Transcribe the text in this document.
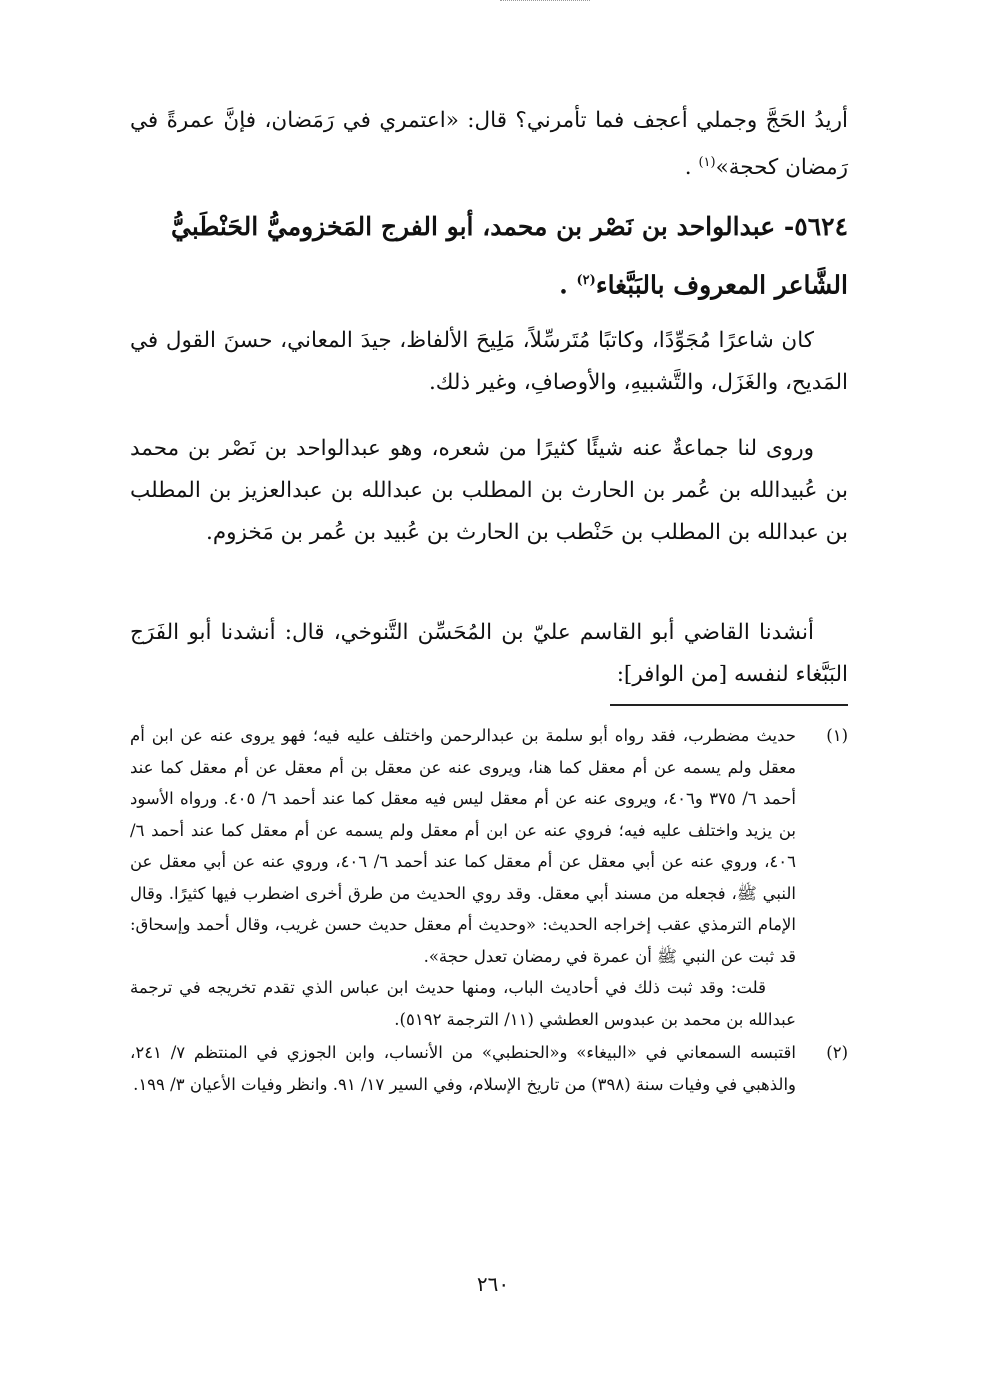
أريدُ الحَجَّ وجملي أعجف فما تأمرني؟ قال: «اعتمري في رَمَضان، فإنَّ عمرةً في رَمضان كحجة»$^{(١)}$ .
٥٦٢٤- عبدالواحد بن نَصْر بن محمد، أبو الفرج المَخزوميُّ الحَنْطَبيُّ الشَّاعر المعروف بالبَبَّغاء$^{(٢)}$ .
كان شاعرًا مُجَوِّدًا، وكاتبًا مُتَرسِّلاً، مَلِيحَ الألفاظ، جيدَ المعاني، حسنَ القول في المَديح، والغَزَل، والتَّشبيهِ، والأوصافِ، وغير ذلك.
وروى لنا جماعةٌ عنه شيئًا كثيرًا من شعره، وهو عبدالواحد بن نَصْر بن محمد بن عُبيدالله بن عُمر بن الحارث بن المطلب بن عبدالله بن عبدالعزيز بن المطلب بن عبدالله بن المطلب بن حَنْطب بن الحارث بن عُبيد بن عُمر بن مَخزوم.
أنشدنا القاضي أبو القاسم عليّ بن المُحَسِّن التَّنوخي، قال: أنشدنا أبو الفَرَج البَبَّغاء لنفسه [من الوافر]:
(١)

حديث مضطرب، فقد رواه أبو سلمة بن عبدالرحمن واختلف عليه فيه؛ فهو يروى عنه عن ابن أم معقل ولم يسمه عن أم معقل كما هنا، ويروى عنه عن معقل بن أم معقل عن أم معقل كما عند أحمد ٦/ ٣٧٥ و٤٠٦، ويروى عنه عن أم معقل ليس فيه معقل كما عند أحمد ٦/ ٤٠٥. ورواه الأسود بن يزيد واختلف عليه فيه؛ فروي عنه عن ابن أم معقل ولم يسمه عن أم معقل كما عند أحمد ٦/ ٤٠٦، وروي عنه عن أبي معقل عن أم معقل كما عند أحمد ٦/ ٤٠٦، وروي عنه عن أبي معقل عن النبي ﷺ، فجعله من مسند أبي معقل. وقد روي الحديث من طرق أخرى اضطرب فيها كثيرًا. وقال الإمام الترمذي عقب إخراجه الحديث: «وحديث أم معقل حديث حسن غريب، وقال أحمد وإسحاق: قد ثبت عن النبي ﷺ أن عمرة في رمضان تعدل حجة».

قلت: وقد ثبت ذلك في أحاديث الباب، ومنها حديث ابن عباس الذي تقدم تخريجه في ترجمة عبدالله بن محمد بن عبدوس العطشي (١١/ الترجمة ٥١٩٢).

(٢)

اقتبسه السمعاني في «البيغاء» و«الحنطبي» من الأنساب، وابن الجوزي في المنتظم ٧/ ٢٤١، والذهبي في وفيات سنة (٣٩٨) من تاريخ الإسلام، وفي السير ١٧/ ٩١. وانظر وفيات الأعيان ٣/ ١٩٩.

٢٦٠
